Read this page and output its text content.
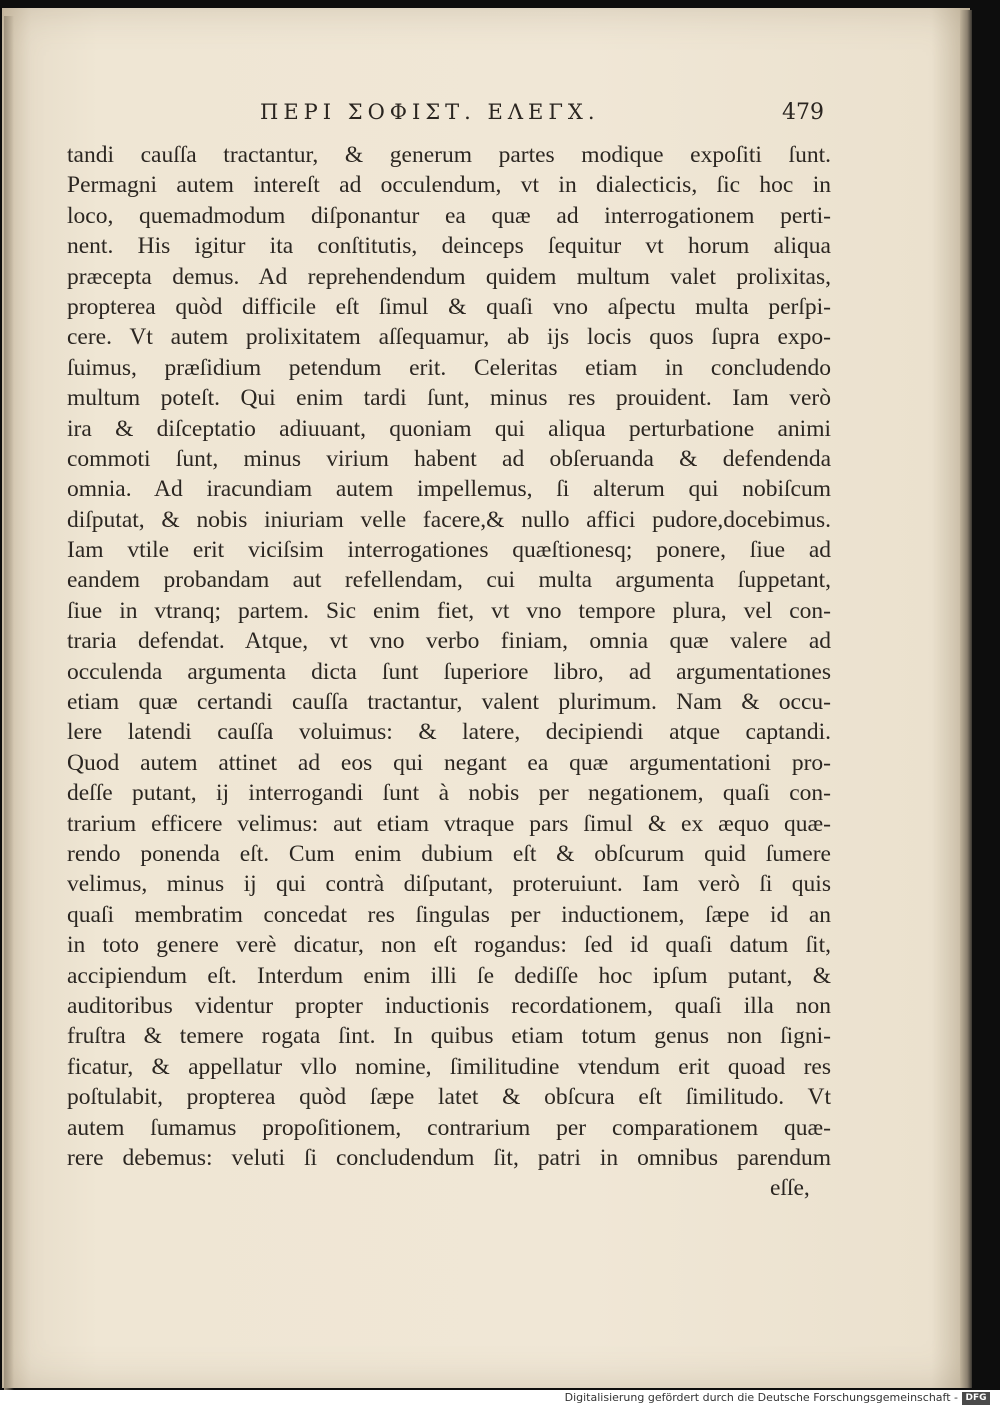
ΠΕΡΙ ΣΟΦΙΣΤ. ΕΛΕΓΧ.	479
tandi cauſſa tractantur, & generum partes modique expoſiti ſunt.
Permagni autem intereſt ad occulendum, vt in dialecticis, ſic hoc in
loco, quemadmodum diſponantur ea quæ ad interrogationem perti-
nent. His igitur ita conſtitutis, deinceps ſequitur vt horum aliqua
præcepta demus. Ad reprehendendum quidem multum valet prolixitas,
propterea quòd difficile eſt ſimul & quaſi vno aſpectu multa perſpi-
cere. Vt autem prolixitatem aſſequamur, ab ijs locis quos ſupra expo-
ſuimus, præſidium petendum erit. Celeritas etiam in concludendo
multum poteſt. Qui enim tardi ſunt, minus res prouident. Iam verò
ira & diſceptatio adiuuant, quoniam qui aliqua perturbatione animi
commoti ſunt, minus virium habent ad obſeruanda & defendenda
omnia. Ad iracundiam autem impellemus, ſi alterum qui nobiſcum
diſputat, & nobis iniuriam velle facere,& nullo affici pudore,docebimus.
Iam vtile erit viciſsim interrogationes quæſtionesq; ponere, ſiue ad
eandem probandam aut refellendam, cui multa argumenta ſuppetant,
ſiue in vtranq; partem. Sic enim fiet, vt vno tempore plura, vel con-
traria defendat. Atque, vt vno verbo finiam, omnia quæ valere ad
occulenda argumenta dicta ſunt ſuperiore libro, ad argumentationes
etiam quæ certandi cauſſa tractantur, valent plurimum. Nam & occu-
lere latendi cauſſa voluimus: & latere, decipiendi atque captandi.
Quod autem attinet ad eos qui negant ea quæ argumentationi pro-
deſſe putant, ij interrogandi ſunt à nobis per negationem, quaſi con-
trarium efficere velimus: aut etiam vtraque pars ſimul & ex æquo quæ-
rendo ponenda eſt. Cum enim dubium eſt & obſcurum quid ſumere
velimus, minus ij qui contrà diſputant, proteruiunt. Iam verò ſi quis
quaſi membratim concedat res ſingulas per inductionem, ſæpe id an
in toto genere verè dicatur, non eſt rogandus: ſed id quaſi datum ſit,
accipiendum eſt. Interdum enim illi ſe dediſſe hoc ipſum putant, &
auditoribus videntur propter inductionis recordationem, quaſi illa non
fruſtra & temere rogata ſint. In quibus etiam totum genus non ſigni-
ficatur, & appellatur vllo nomine, ſimilitudine vtendum erit quoad res
poſtulabit, propterea quòd ſæpe latet & obſcura eſt ſimilitudo. Vt
autem ſumamus propoſitionem, contrarium per comparationem quæ-
rere debemus: veluti ſi concludendum ſit, patri in omnibus parendum
eſſe,
Digitalisierung gefördert durch die Deutsche Forschungsgemeinschaft - DFG
